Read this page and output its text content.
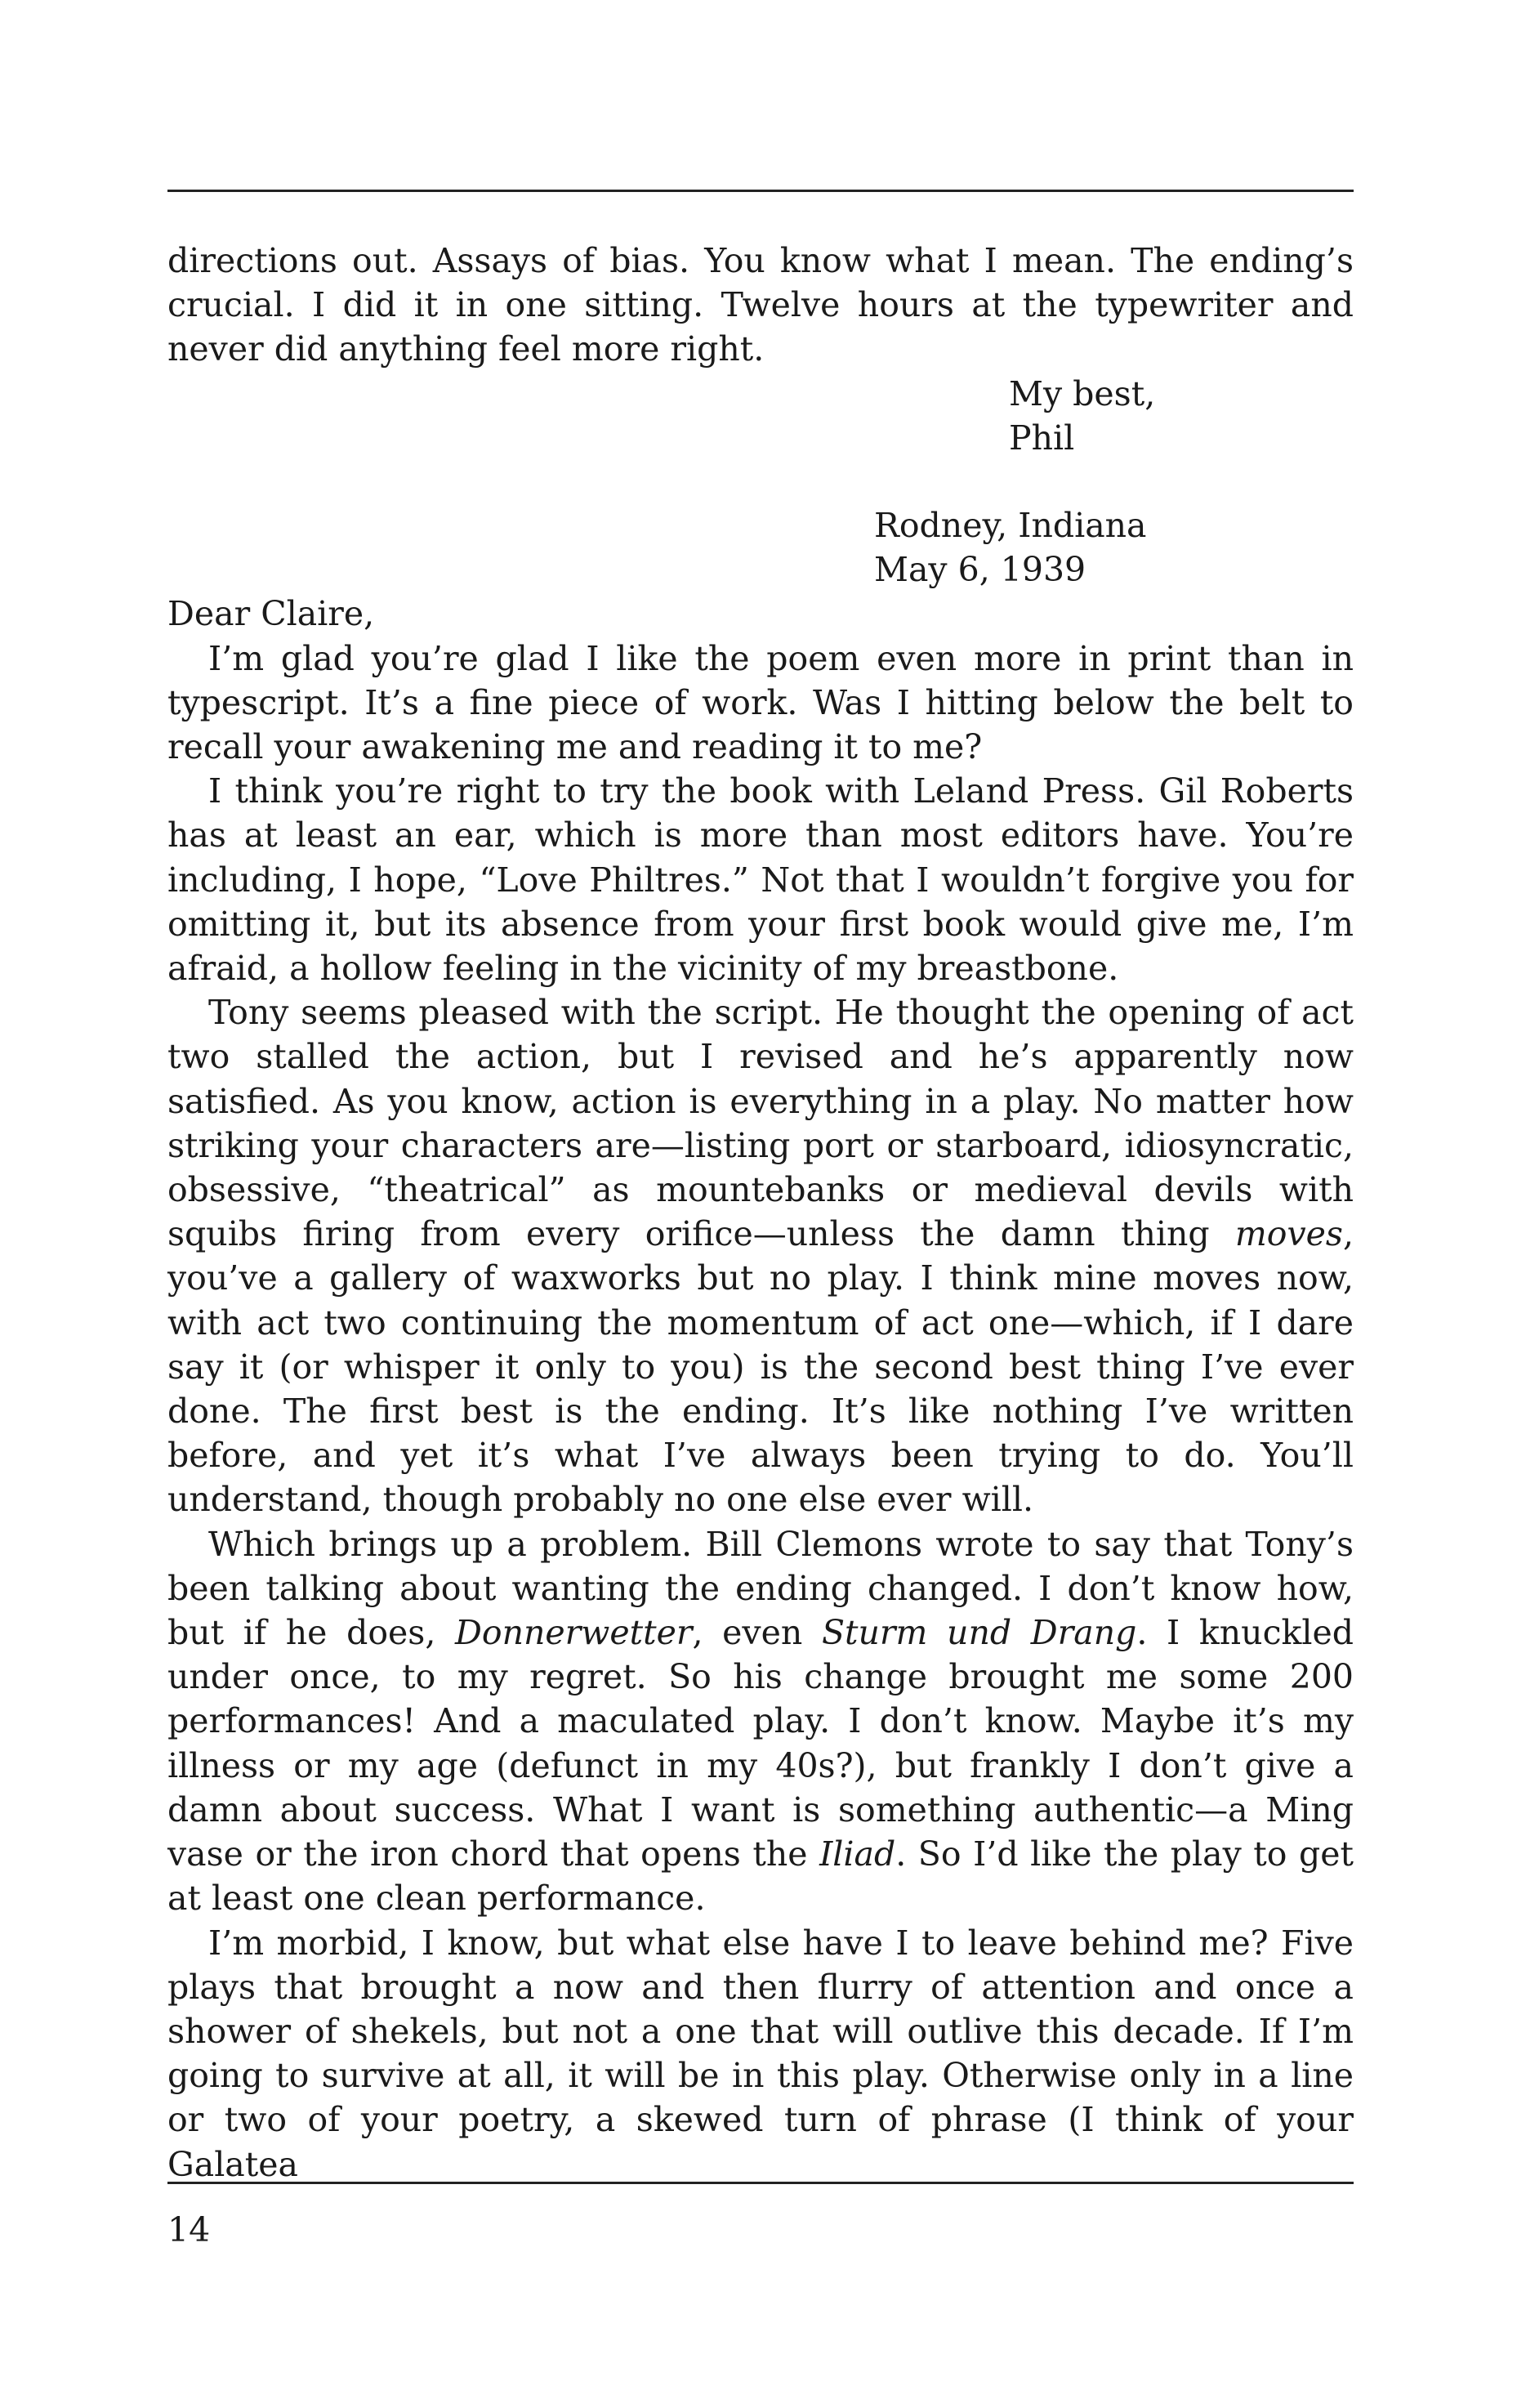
directions out. Assays of bias. You know what I mean. The ending’s crucial. I did it in one sitting. Twelve hours at the typewriter and never did anything feel more right.

My best,
Phil
Rodney, Indiana
May 6, 1939
Dear Claire,

I’m glad you’re glad I like the poem even more in print than in typescript. It’s a fine piece of work. Was I hitting below the belt to recall your awakening me and reading it to me?

I think you’re right to try the book with Leland Press. Gil Roberts has at least an ear, which is more than most editors have. You’re including, I hope, “Love Philtres.” Not that I wouldn’t forgive you for omitting it, but its absence from your first book would give me, I’m afraid, a hollow feeling in the vicinity of my breastbone.

Tony seems pleased with the script. He thought the opening of act two stalled the action, but I revised and he’s apparently now satisfied. As you know, action is everything in a play. No matter how striking your characters are—listing port or starboard, idiosyncratic, obsessive, “theatrical” as mountebanks or medieval devils with squibs firing from every orifice—unless the damn thing moves, you’ve a gallery of waxworks but no play. I think mine moves now, with act two continuing the momentum of act one—which, if I dare say it (or whisper it only to you) is the second best thing I’ve ever done. The first best is the ending. It’s like nothing I’ve written before, and yet it’s what I’ve always been trying to do. You’ll understand, though probably no one else ever will.

Which brings up a problem. Bill Clemons wrote to say that Tony’s been talking about wanting the ending changed. I don’t know how, but if he does, Donnerwetter, even Sturm und Drang. I knuckled under once, to my regret. So his change brought me some 200 performances! And a maculated play. I don’t know. Maybe it’s my illness or my age (defunct in my 40s?), but frankly I don’t give a damn about success. What I want is something authentic—a Ming vase or the iron chord that opens the Iliad. So I’d like the play to get at least one clean performance.

I’m morbid, I know, but what else have I to leave behind me? Five plays that brought a now and then flurry of attention and once a shower of shekels, but not a one that will outlive this decade. If I’m going to survive at all, it will be in this play. Otherwise only in a line or two of your poetry, a skewed turn of phrase (I think of your Galatea

14
